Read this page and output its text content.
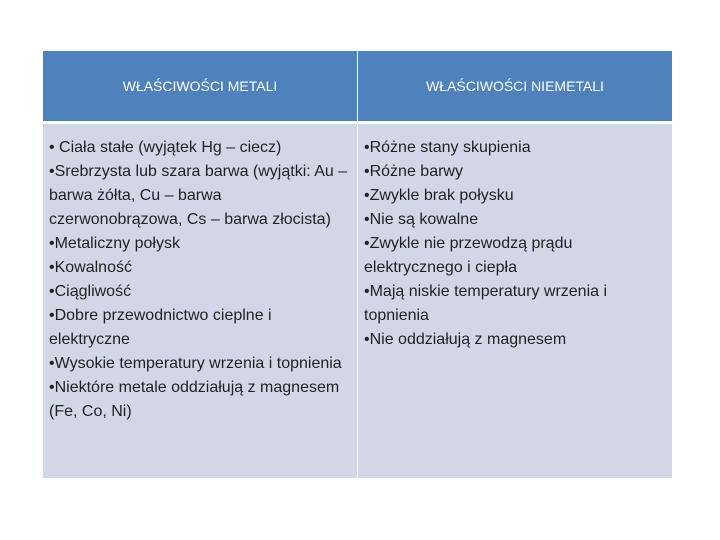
WŁAŚCIWOŚCI METALI	WŁAŚCIWOŚCI NIEMETALI
• Ciała stałe (wyjątek Hg – ciecz)
•Srebrzysta lub szara barwa (wyjątki: Au – barwa żółta, Cu – barwa czerwonobrązowa, Cs – barwa złocista)
•Metaliczny połysk
•Kowalność
•Ciągliwość
•Dobre przewodnictwo cieplne i elektryczne
•Wysokie temperatury wrzenia i topnienia
•Niektóre metale oddziałują z magnesem (Fe, Co, Ni)
•Różne stany skupienia
•Różne barwy
•Zwykle brak połysku
•Nie są kowalne
•Zwykle nie przewodzą prądu elektrycznego i ciepła
•Mają niskie temperatury wrzenia i topnienia
•Nie oddziałują z magnesem
